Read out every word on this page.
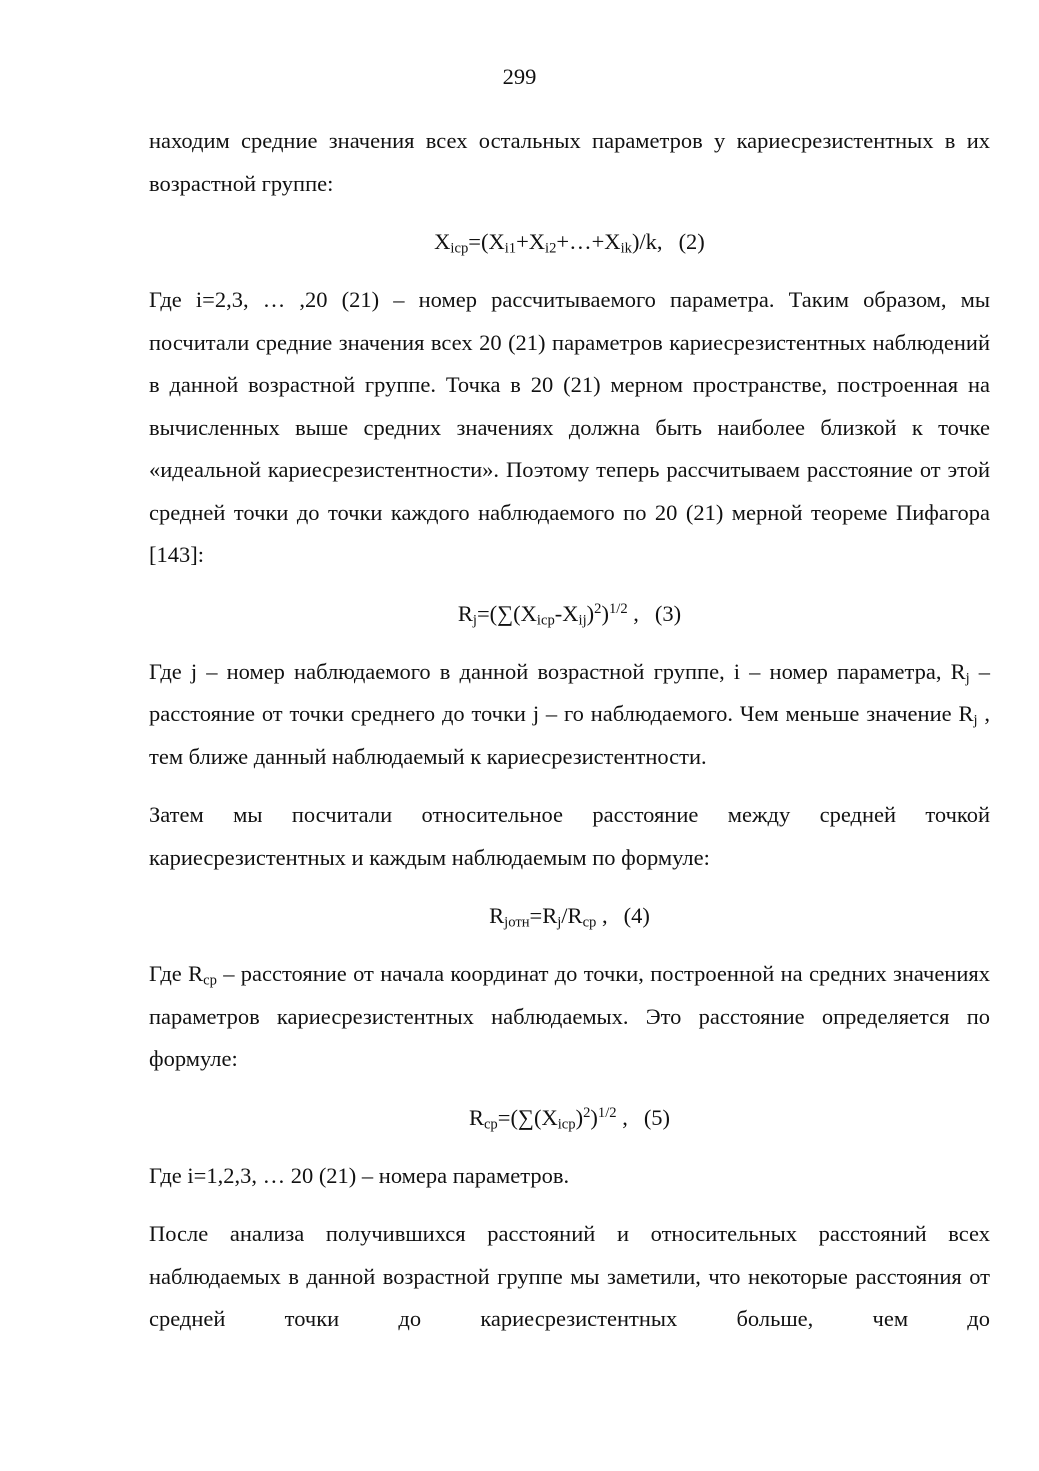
299

находим средние значения всех остальных параметров у кариесрезистентных в их возрастной группе:

$X_{icp}=(X_{i1}+X_{i2}+\dots+X_{ik})/k$, (2)

Где i=2,3, … ,20 (21) – номер рассчитываемого параметра. Таким образом, мы посчитали средние значения всех 20 (21) параметров кариесрезистентных наблюдений в данной возрастной группе. Точка в 20 (21) мерном пространстве, построенная на вычисленных выше средних значениях должна быть наиболее близкой к точке «идеальной кариесрезистентности». Поэтому теперь рассчитываем расстояние от этой средней точки до точки каждого наблюдаемого по 20 (21) мерной теореме Пифагора [143]:

$R_j=(\sum(X_{icp}-X_{ij})^2)^{1/2}$ , (3)

Где j – номер наблюдаемого в данной возрастной группе, i – номер параметра, $R_j$ – расстояние от точки среднего до точки j – го наблюдаемого. Чем меньше значение $R_j$ , тем ближе данный наблюдаемый к кариесрезистентности.

Затем мы посчитали относительное расстояние между средней точкой кариесрезистентных и каждым наблюдаемым по формуле:

$R_{jотн}=R_j/R_{cp}$ , (4)

Где $R_{cp}$ – расстояние от начала координат до точки, построенной на средних значениях параметров кариесрезистентных наблюдаемых. Это расстояние определяется по формуле:

$R_{cp}=(\sum(X_{icp})^2)^{1/2}$ , (5)

Где i=1,2,3, … 20 (21) – номера параметров.

После анализа получившихся расстояний и относительных расстояний всех наблюдаемых в данной возрастной группе мы заметили, что некоторые расстояния от средней точки до кариесрезистентных больше, чем до
